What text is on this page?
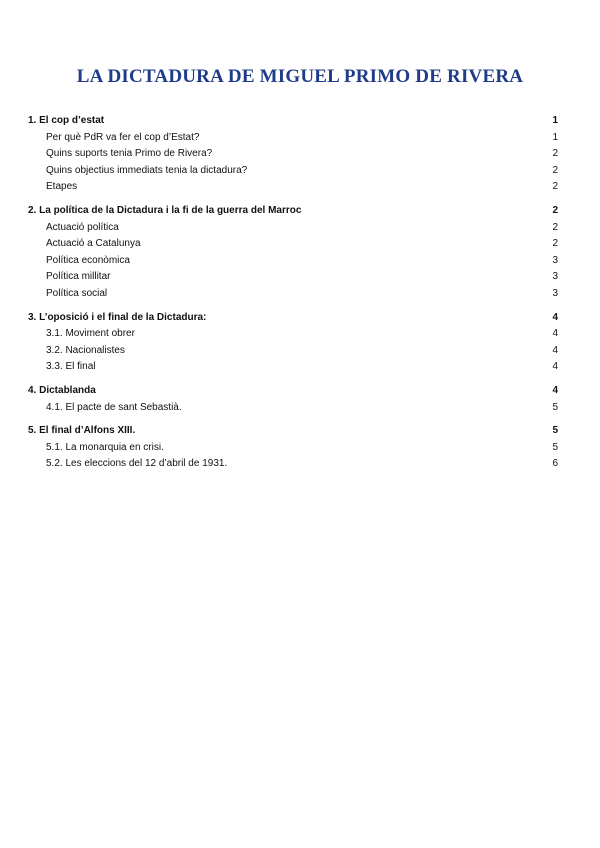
LA DICTADURA DE MIGUEL PRIMO DE RIVERA
1. El cop d’estat	1
Per què PdR va fer el cop d’Estat?	1
Quins suports tenia Primo de Rivera?	2
Quins objectius immediats tenia la dictadura?	2
Etapes	2
2. La política de la Dictadura i la fi de la guerra del Marroc	2
Actuació política	2
Actuació a Catalunya	2
Política econòmica	3
Política millitar	3
Política social	3
3. L’oposició i el final de la Dictadura:	4
3.1. Moviment obrer	4
3.2. Nacionalistes	4
3.3. El final	4
4. Dictablanda	4
4.1. El pacte de sant Sebastià.	5
5. El final d’Alfons XIII.	5
5.1. La monarquia en crisi.	5
5.2. Les eleccions del 12 d’abril de 1931.	6
